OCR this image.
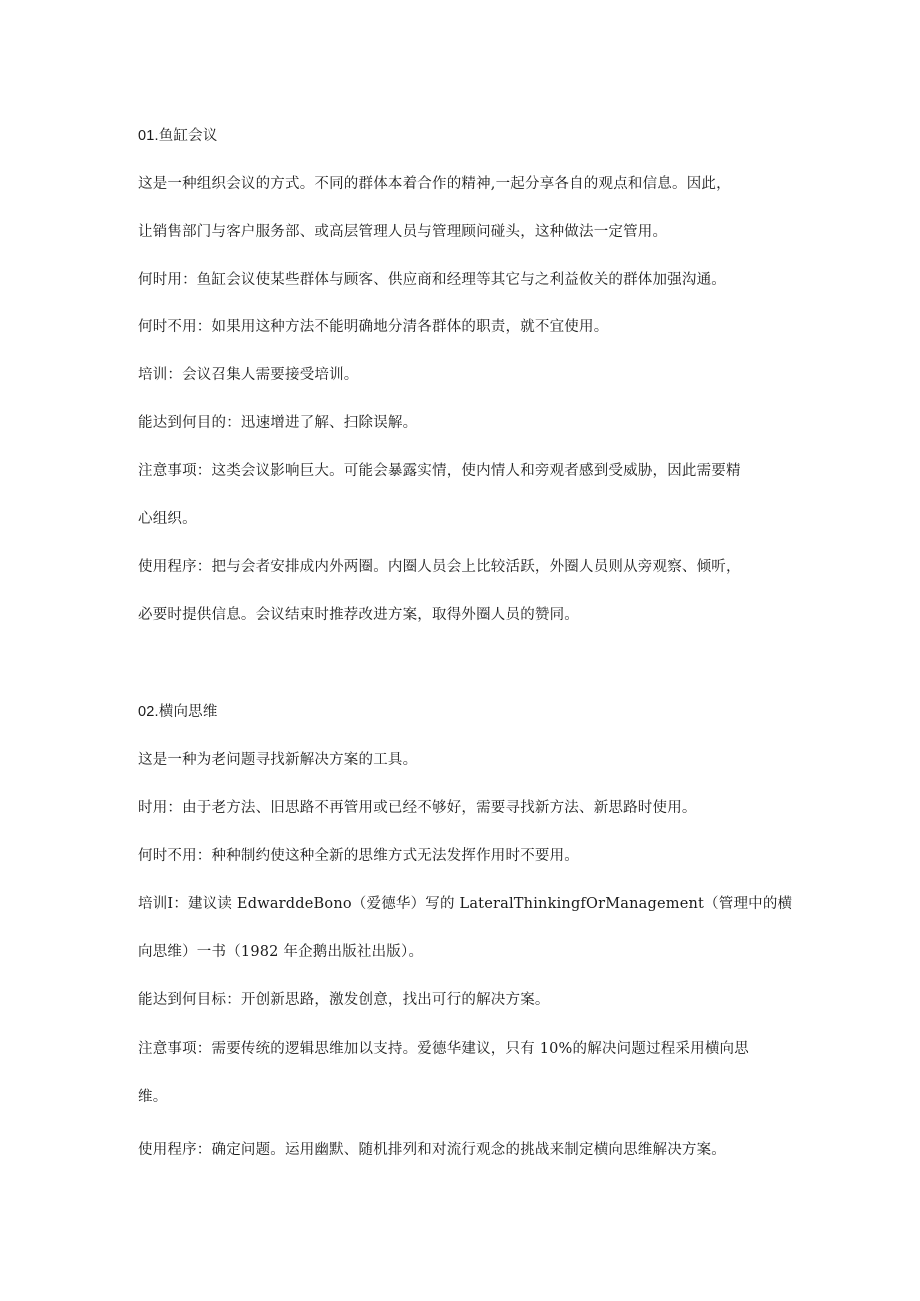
01.鱼缸会议
这是一种组织会议的方式。不同的群体本着合作的精神,一起分享各自的观点和信息。因此，
让销售部门与客户服务部、或高层管理人员与管理顾问碰头，这种做法一定管用。
何时用：鱼缸会议使某些群体与顾客、供应商和经理等其它与之利益攸关的群体加强沟通。
何时不用：如果用这种方法不能明确地分清各群体的职责，就不宜使用。
培训：会议召集人需要接受培训。
能达到何目的：迅速增进了解、扫除误解。
注意事项：这类会议影响巨大。可能会暴露实情，使内情人和旁观者感到受威胁，因此需要精
心组织。
使用程序：把与会者安排成内外两圈。内圈人员会上比较活跃，外圈人员则从旁观察、倾听，
必要时提供信息。会议结束时推荐改进方案，取得外圈人员的赞同。
02.横向思维
这是一种为老问题寻找新解决方案的工具。
时用：由于老方法、旧思路不再管用或已经不够好，需要寻找新方法、新思路时使用。
何时不用：种种制约使这种全新的思维方式无法发挥作用时不要用。
培训I：建议读 EdwarddeBono（爱德华）写的 LateralThinkingfOrManagement（管理中的横
向思维）一书（1982 年企鹅出版社出版）。
能达到何目标：开创新思路，激发创意，找出可行的解决方案。
注意事项：需要传统的逻辑思维加以支持。爱德华建议，只有 10%的解决问题过程采用横向思
维。
使用程序：确定问题。运用幽默、随机排列和对流行观念的挑战来制定横向思维解决方案。
